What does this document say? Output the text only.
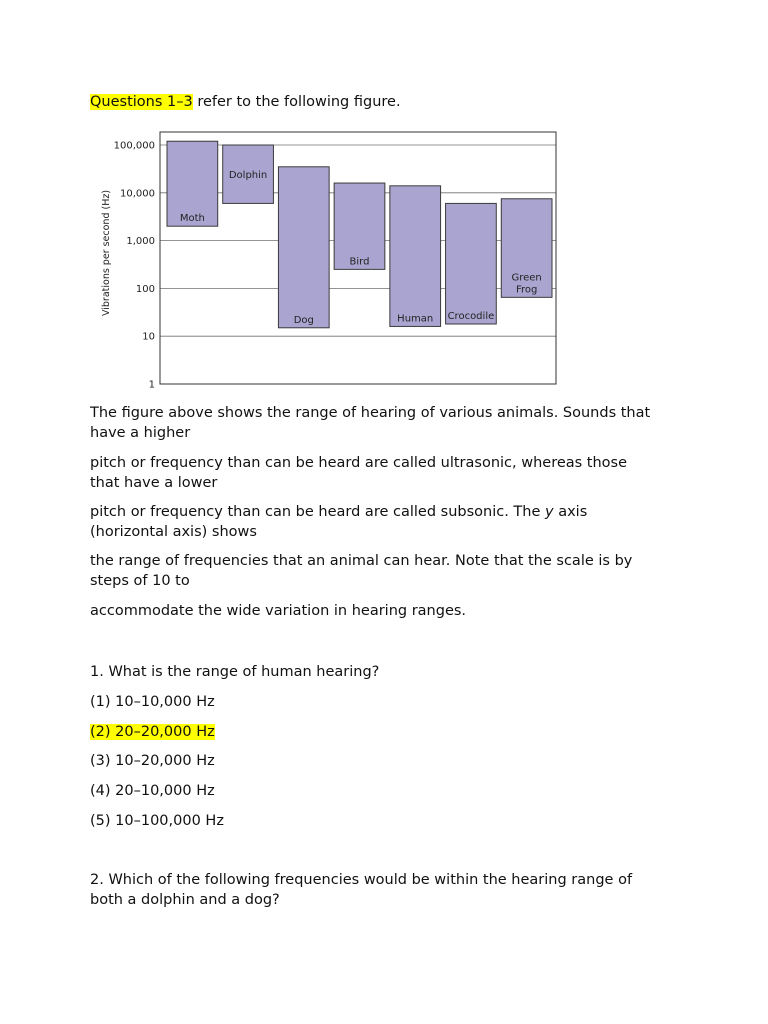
Questions 1–3 refer to the following figure.
100,000
10,000
1,000
100
10
1
Vibrations per second (Hz)	Moth
Dolphin
Dog
Bird
Human Crocodile
Green
Frog
The figure above shows the range of hearing of various animals. Sounds that
have a higher
pitch or frequency than can be heard are called ultrasonic, whereas those
that have a lower
pitch or frequency than can be heard are called subsonic. The y axis
(horizontal axis) shows
the range of frequencies that an animal can hear. Note that the scale is by
steps of 10 to
accommodate the wide variation in hearing ranges.
1. What is the range of human hearing?
(1) 10–10,000 Hz
(2) 20–20,000 Hz
(3) 10–20,000 Hz
(4) 20–10,000 Hz
(5) 10–100,000 Hz
2. Which of the following frequencies would be within the hearing range of
both a dolphin and a dog?
